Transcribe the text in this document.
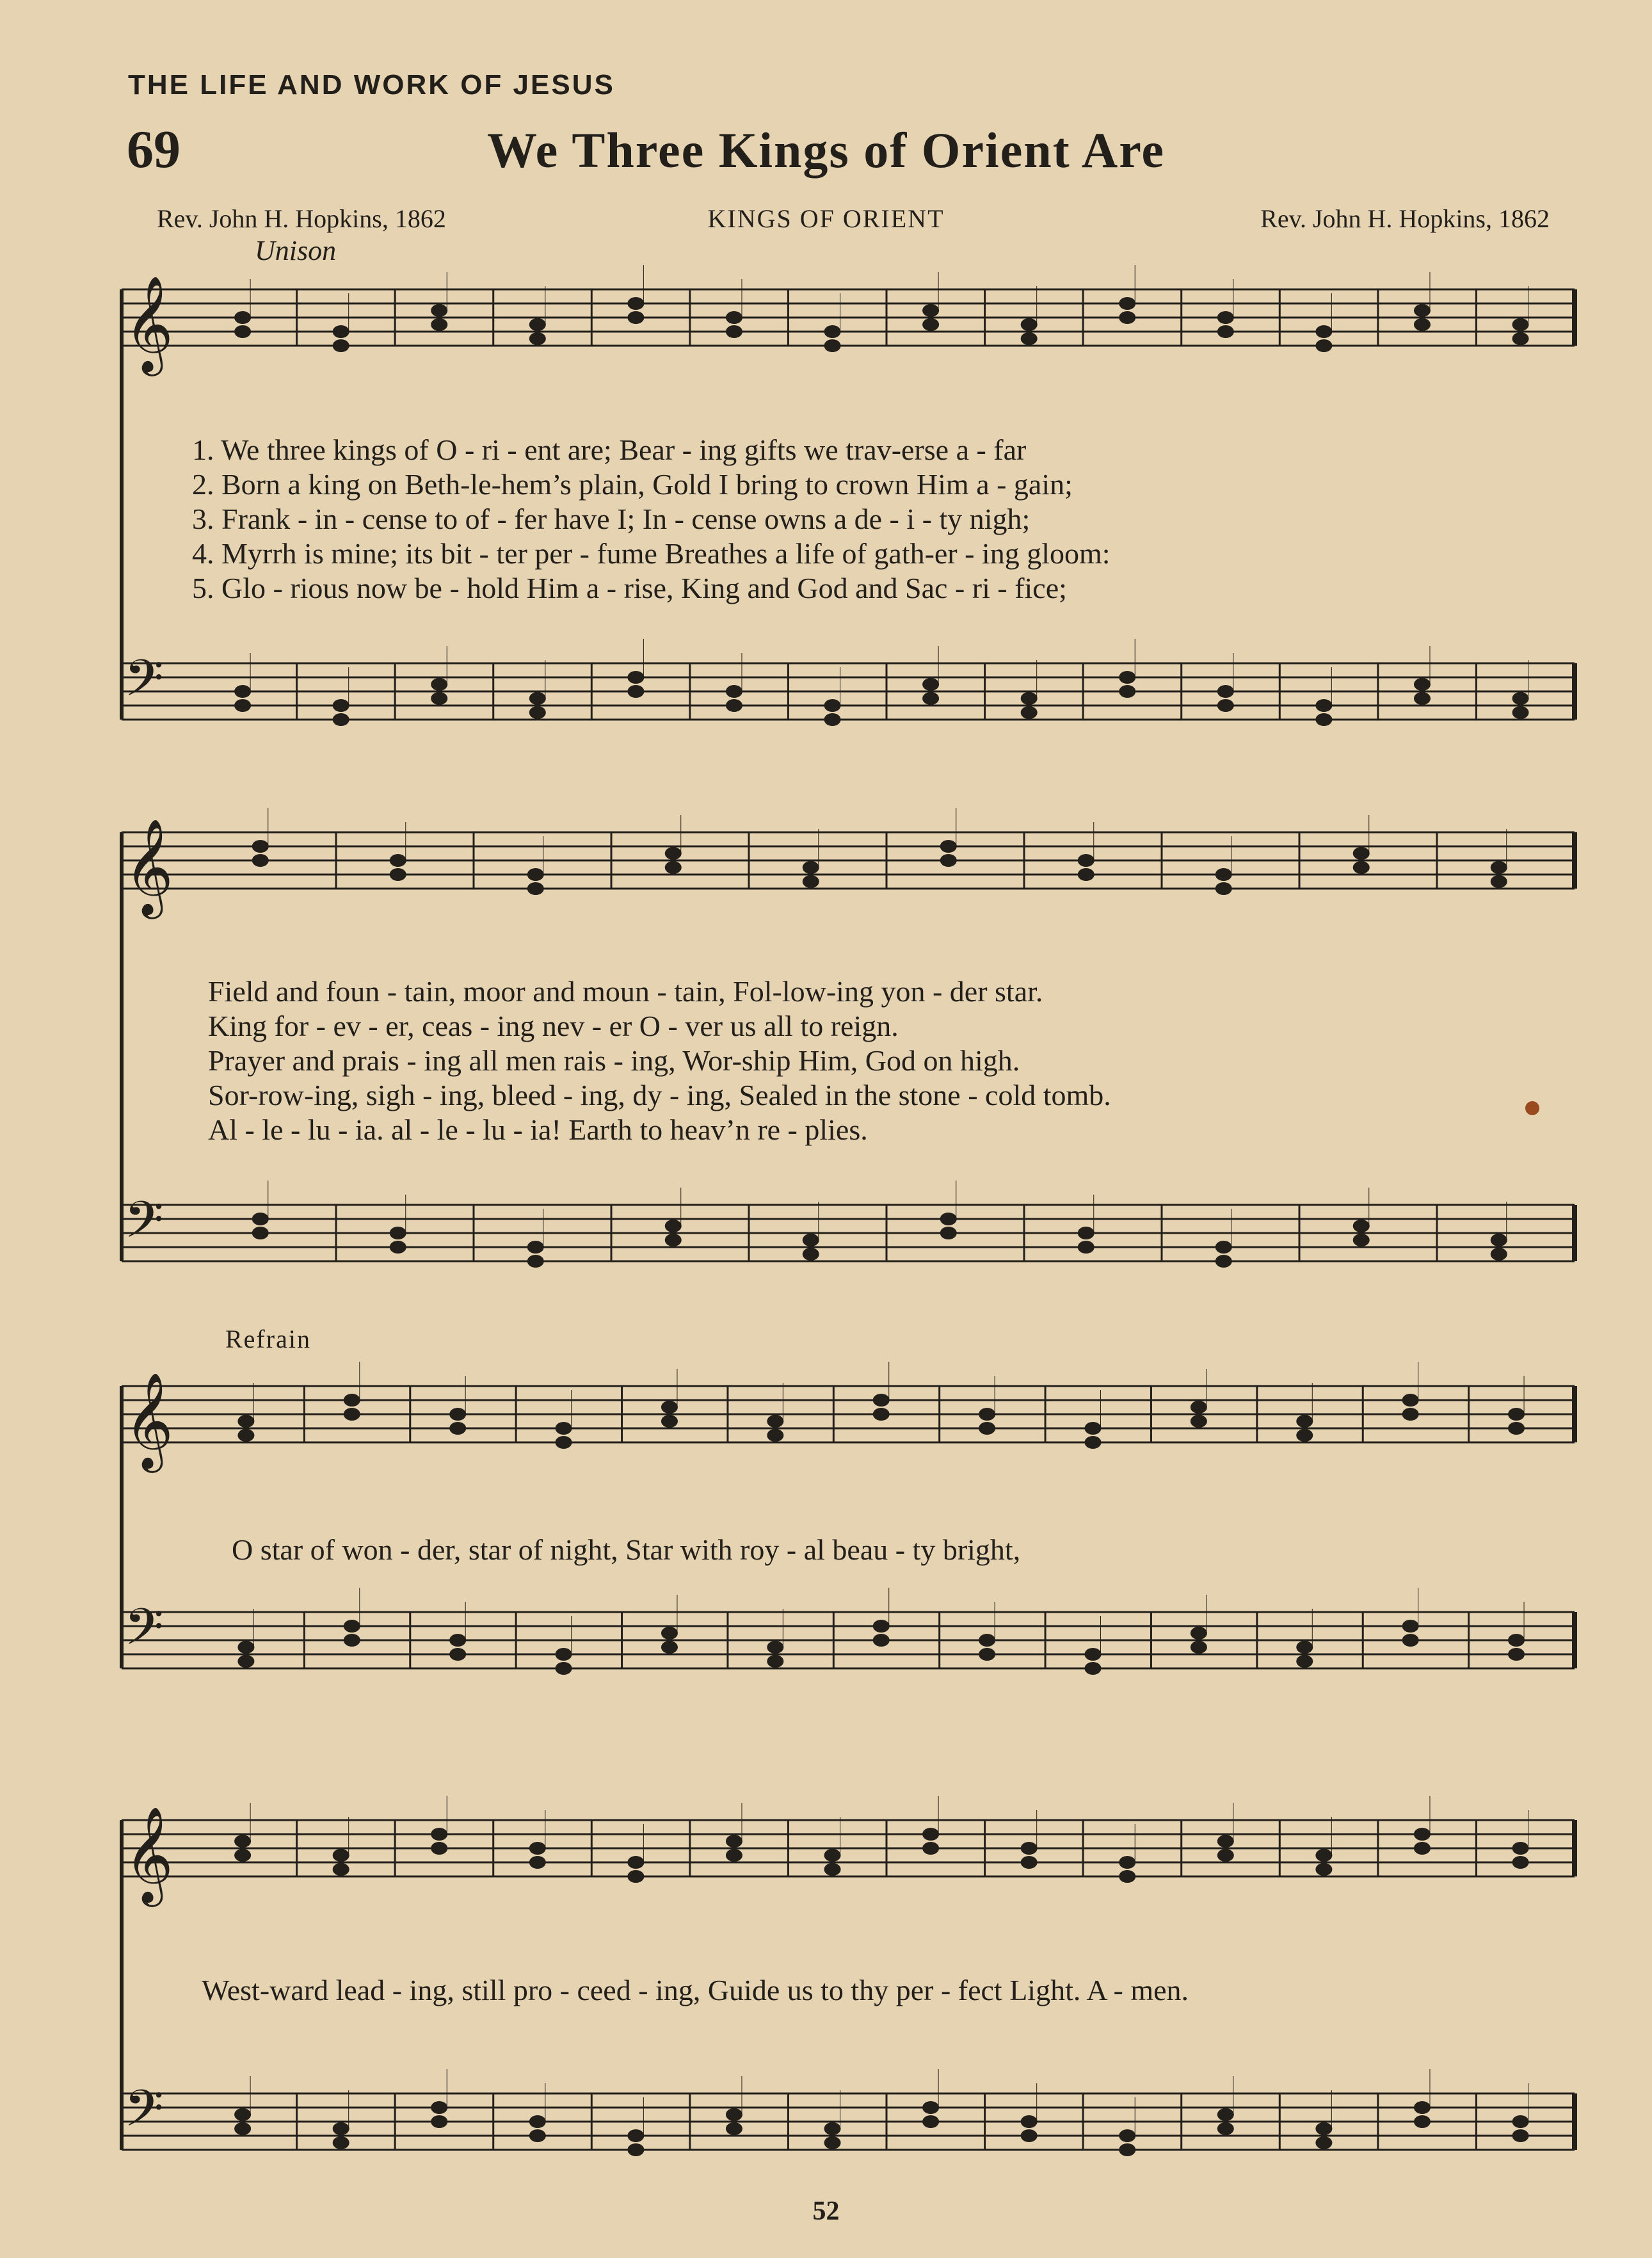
THE LIFE AND WORK OF JESUS
69	We Three Kings of Orient Are
Rev. John H. Hopkins, 1862	KINGS OF ORIENT	Rev. John H. Hopkins, 1862
Unison
Refrain
𝄞
𝄢
𝄞
𝄢
𝄞
𝄢
𝄞
𝄢
1. We three kings of O - ri - ent are; Bear - ing gifts we trav-erse a - far
2. Born a king on Beth-le-hem’s plain, Gold I bring to crown Him a - gain;
3. Frank - in - cense to of - fer have I; In - cense owns a de - i - ty nigh;
4. Myrrh is mine; its bit - ter per - fume Breathes a life of gath-er - ing gloom:
5. Glo - rious now be - hold Him a - rise, King and God and Sac - ri - fice;
Field and foun - tain, moor and moun - tain, Fol-low-ing yon - der star.
King for - ev - er, ceas - ing nev - er O - ver us all to reign.
Prayer and prais - ing all men rais - ing, Wor-ship Him, God on high.
Sor-row-ing, sigh - ing, bleed - ing, dy - ing, Sealed in the stone - cold tomb.
Al - le - lu - ia. al - le - lu - ia! Earth to heav’n re - plies.
O star of won - der, star of night, Star with roy - al beau - ty bright,
West-ward lead - ing, still pro - ceed - ing, Guide us to thy per - fect Light. A - men.
52
